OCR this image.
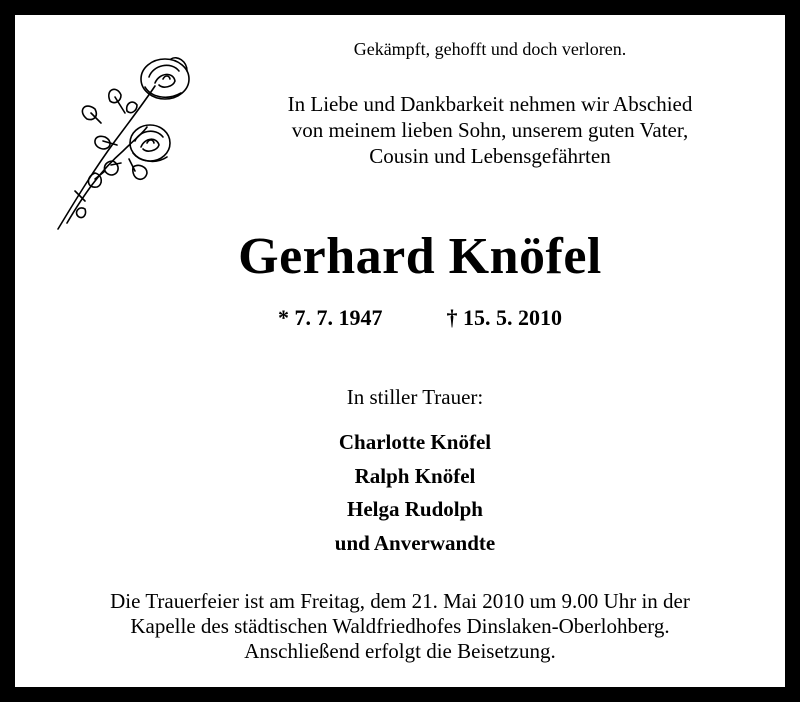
Gekämpft, gehofft und doch verloren.
In Liebe und Dankbarkeit nehmen wir Abschied
von meinem lieben Sohn, unserem guten Vater,
Cousin und Lebensgefährten
Gerhard Knöfel
* 7. 7. 1947	† 15. 5. 2010
In stiller Trauer:
Charlotte Knöfel
Ralph Knöfel
Helga Rudolph
und Anverwandte
Die Trauerfeier ist am Freitag, dem 21. Mai 2010 um 9.00 Uhr in der
Kapelle des städtischen Waldfriedhofes Dinslaken-Oberlohberg.
Anschließend erfolgt die Beisetzung.
